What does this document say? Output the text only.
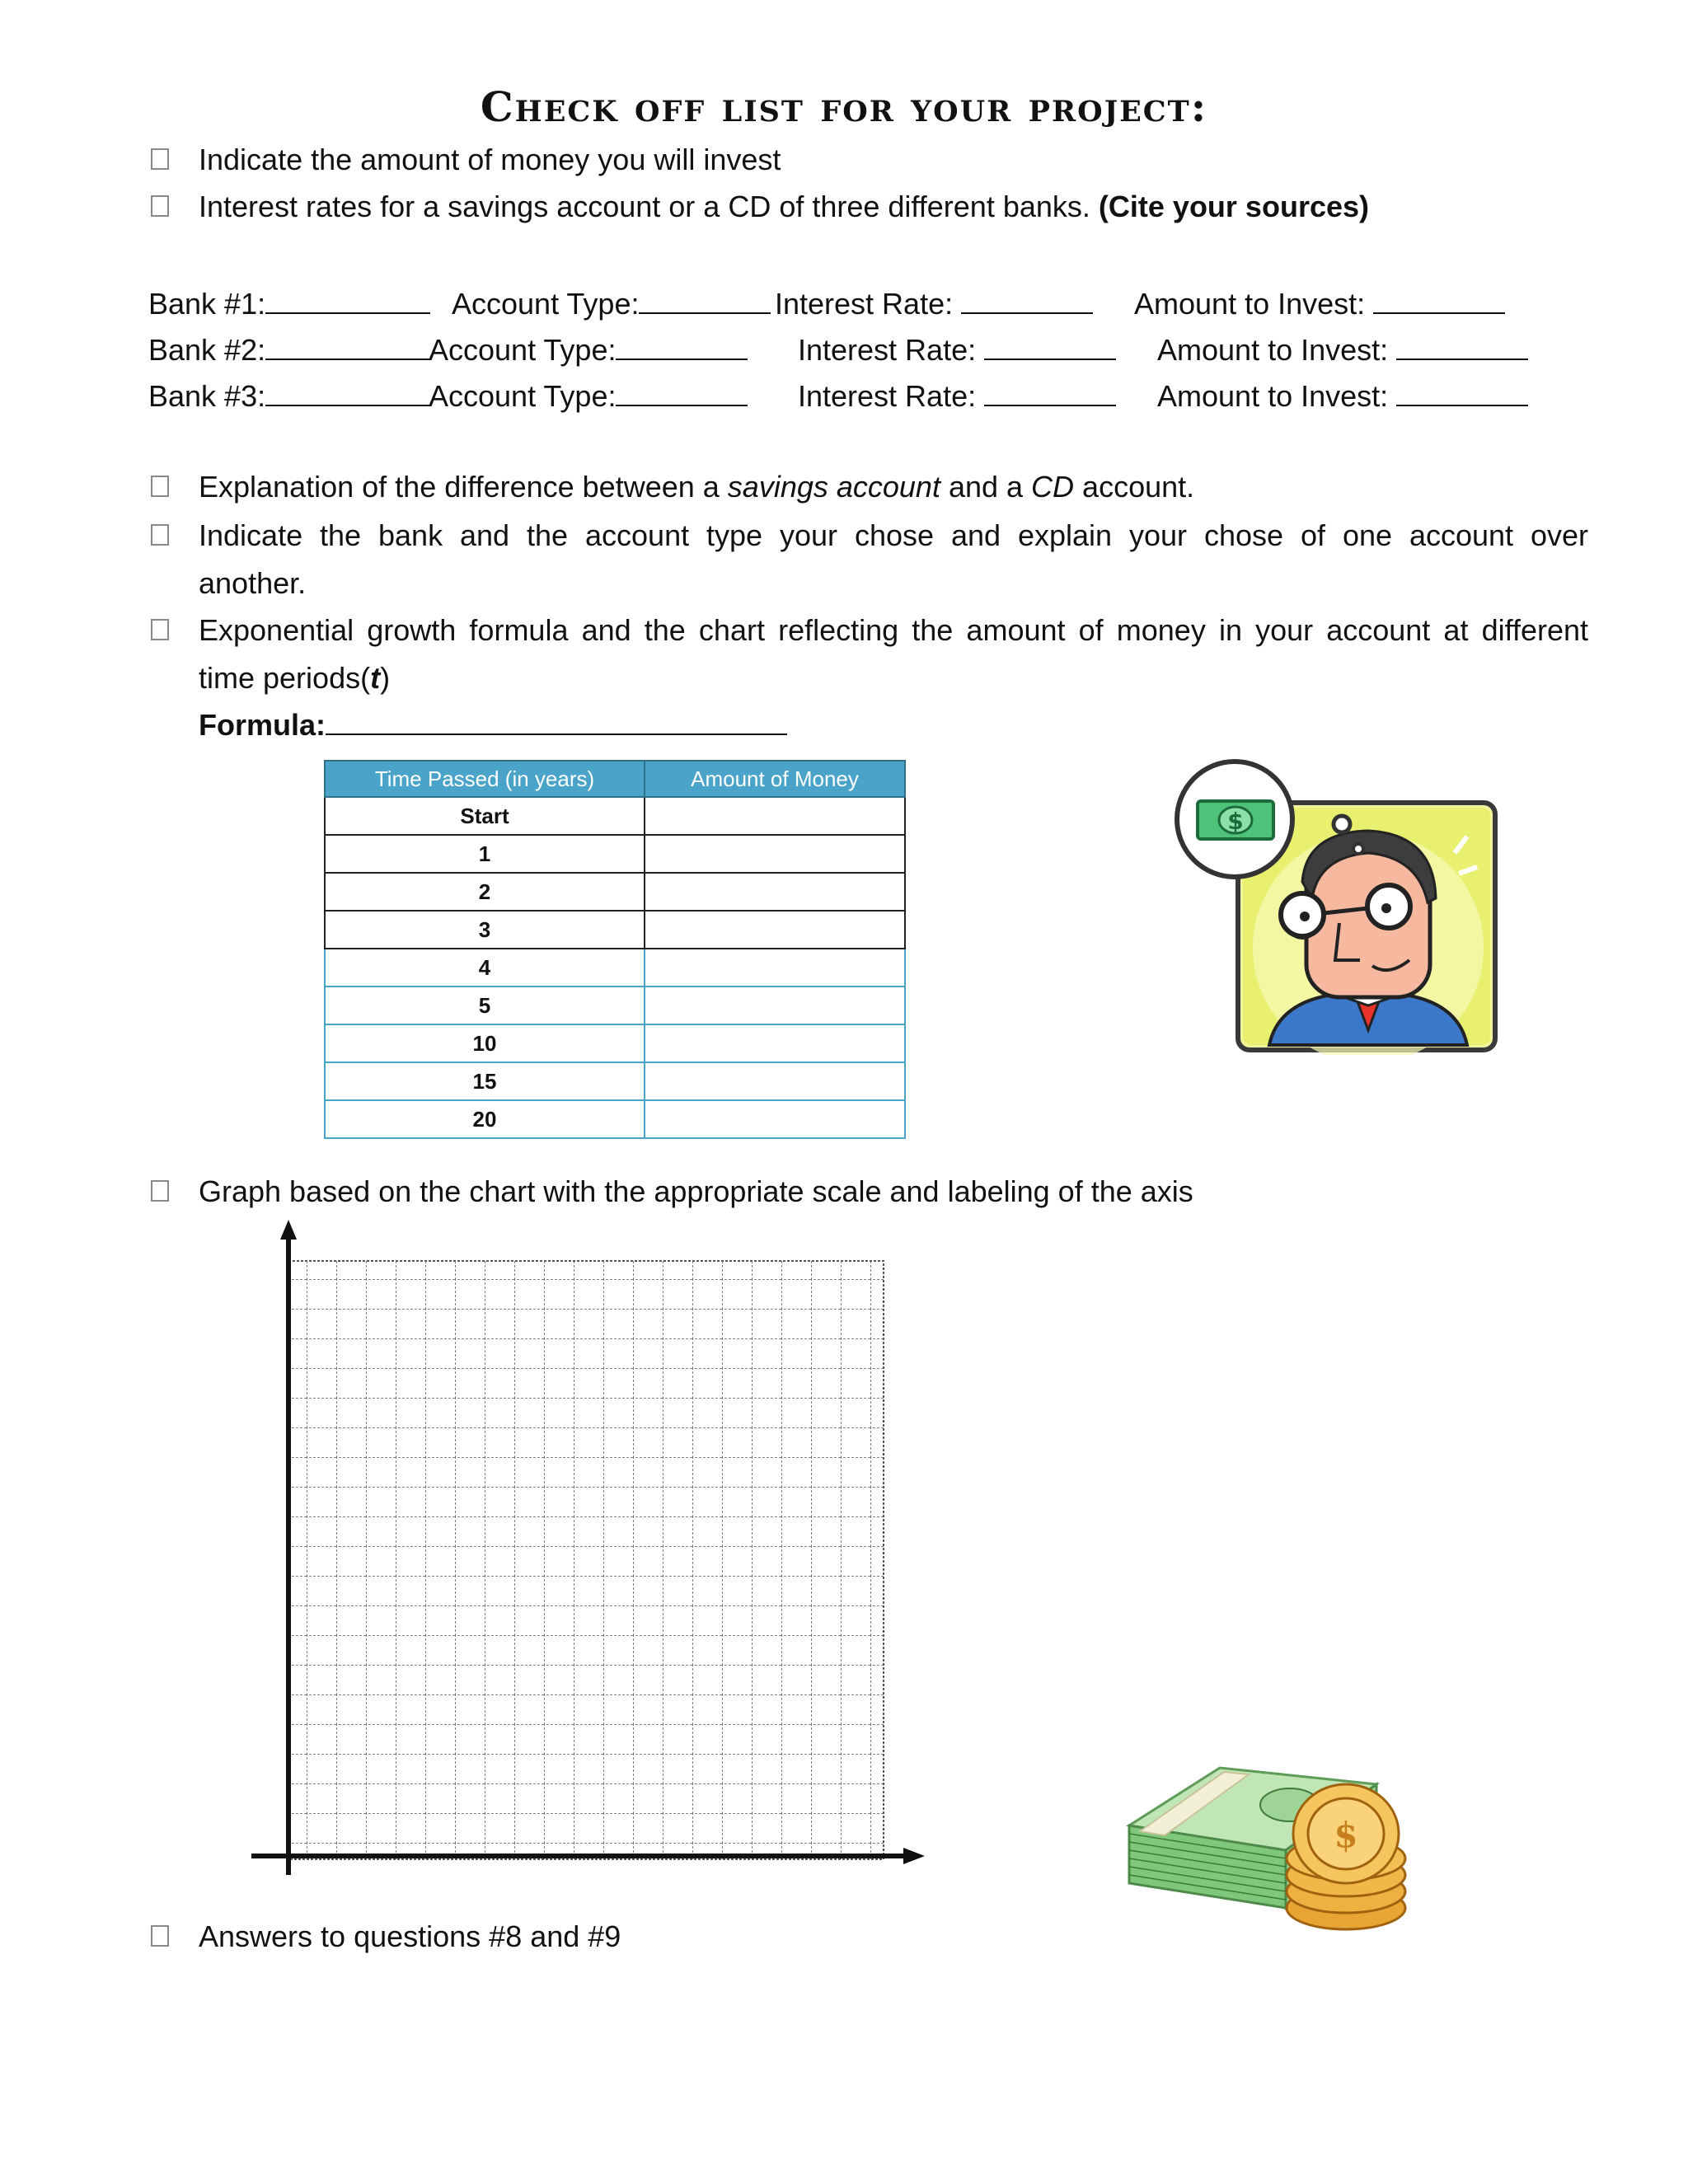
Check off list for your project:
Indicate the amount of money you will invest
Interest rates for a savings account or a CD of three different banks. (Cite your sources)
Bank #1:	Account Type:	Interest Rate:	Amount to Invest:
Bank #2:	Account Type:	Interest Rate:	Amount to Invest:
Bank #3:	Account Type:	Interest Rate:	Amount to Invest:
Explanation of the difference between a savings account and a CD account.
Indicate the bank and the account type your chose and explain your chose of one account over
another.
Exponential growth formula and the chart reflecting the amount of money in your account at different
time periods(t)
Formula:
Time Passed (in years)	Amount of Money
Start	
1	
2	
3	
4	
5	
10	
15	
20	
$
Graph based on the chart with the appropriate scale and labeling of the axis
$
Answers to questions #8 and #9
